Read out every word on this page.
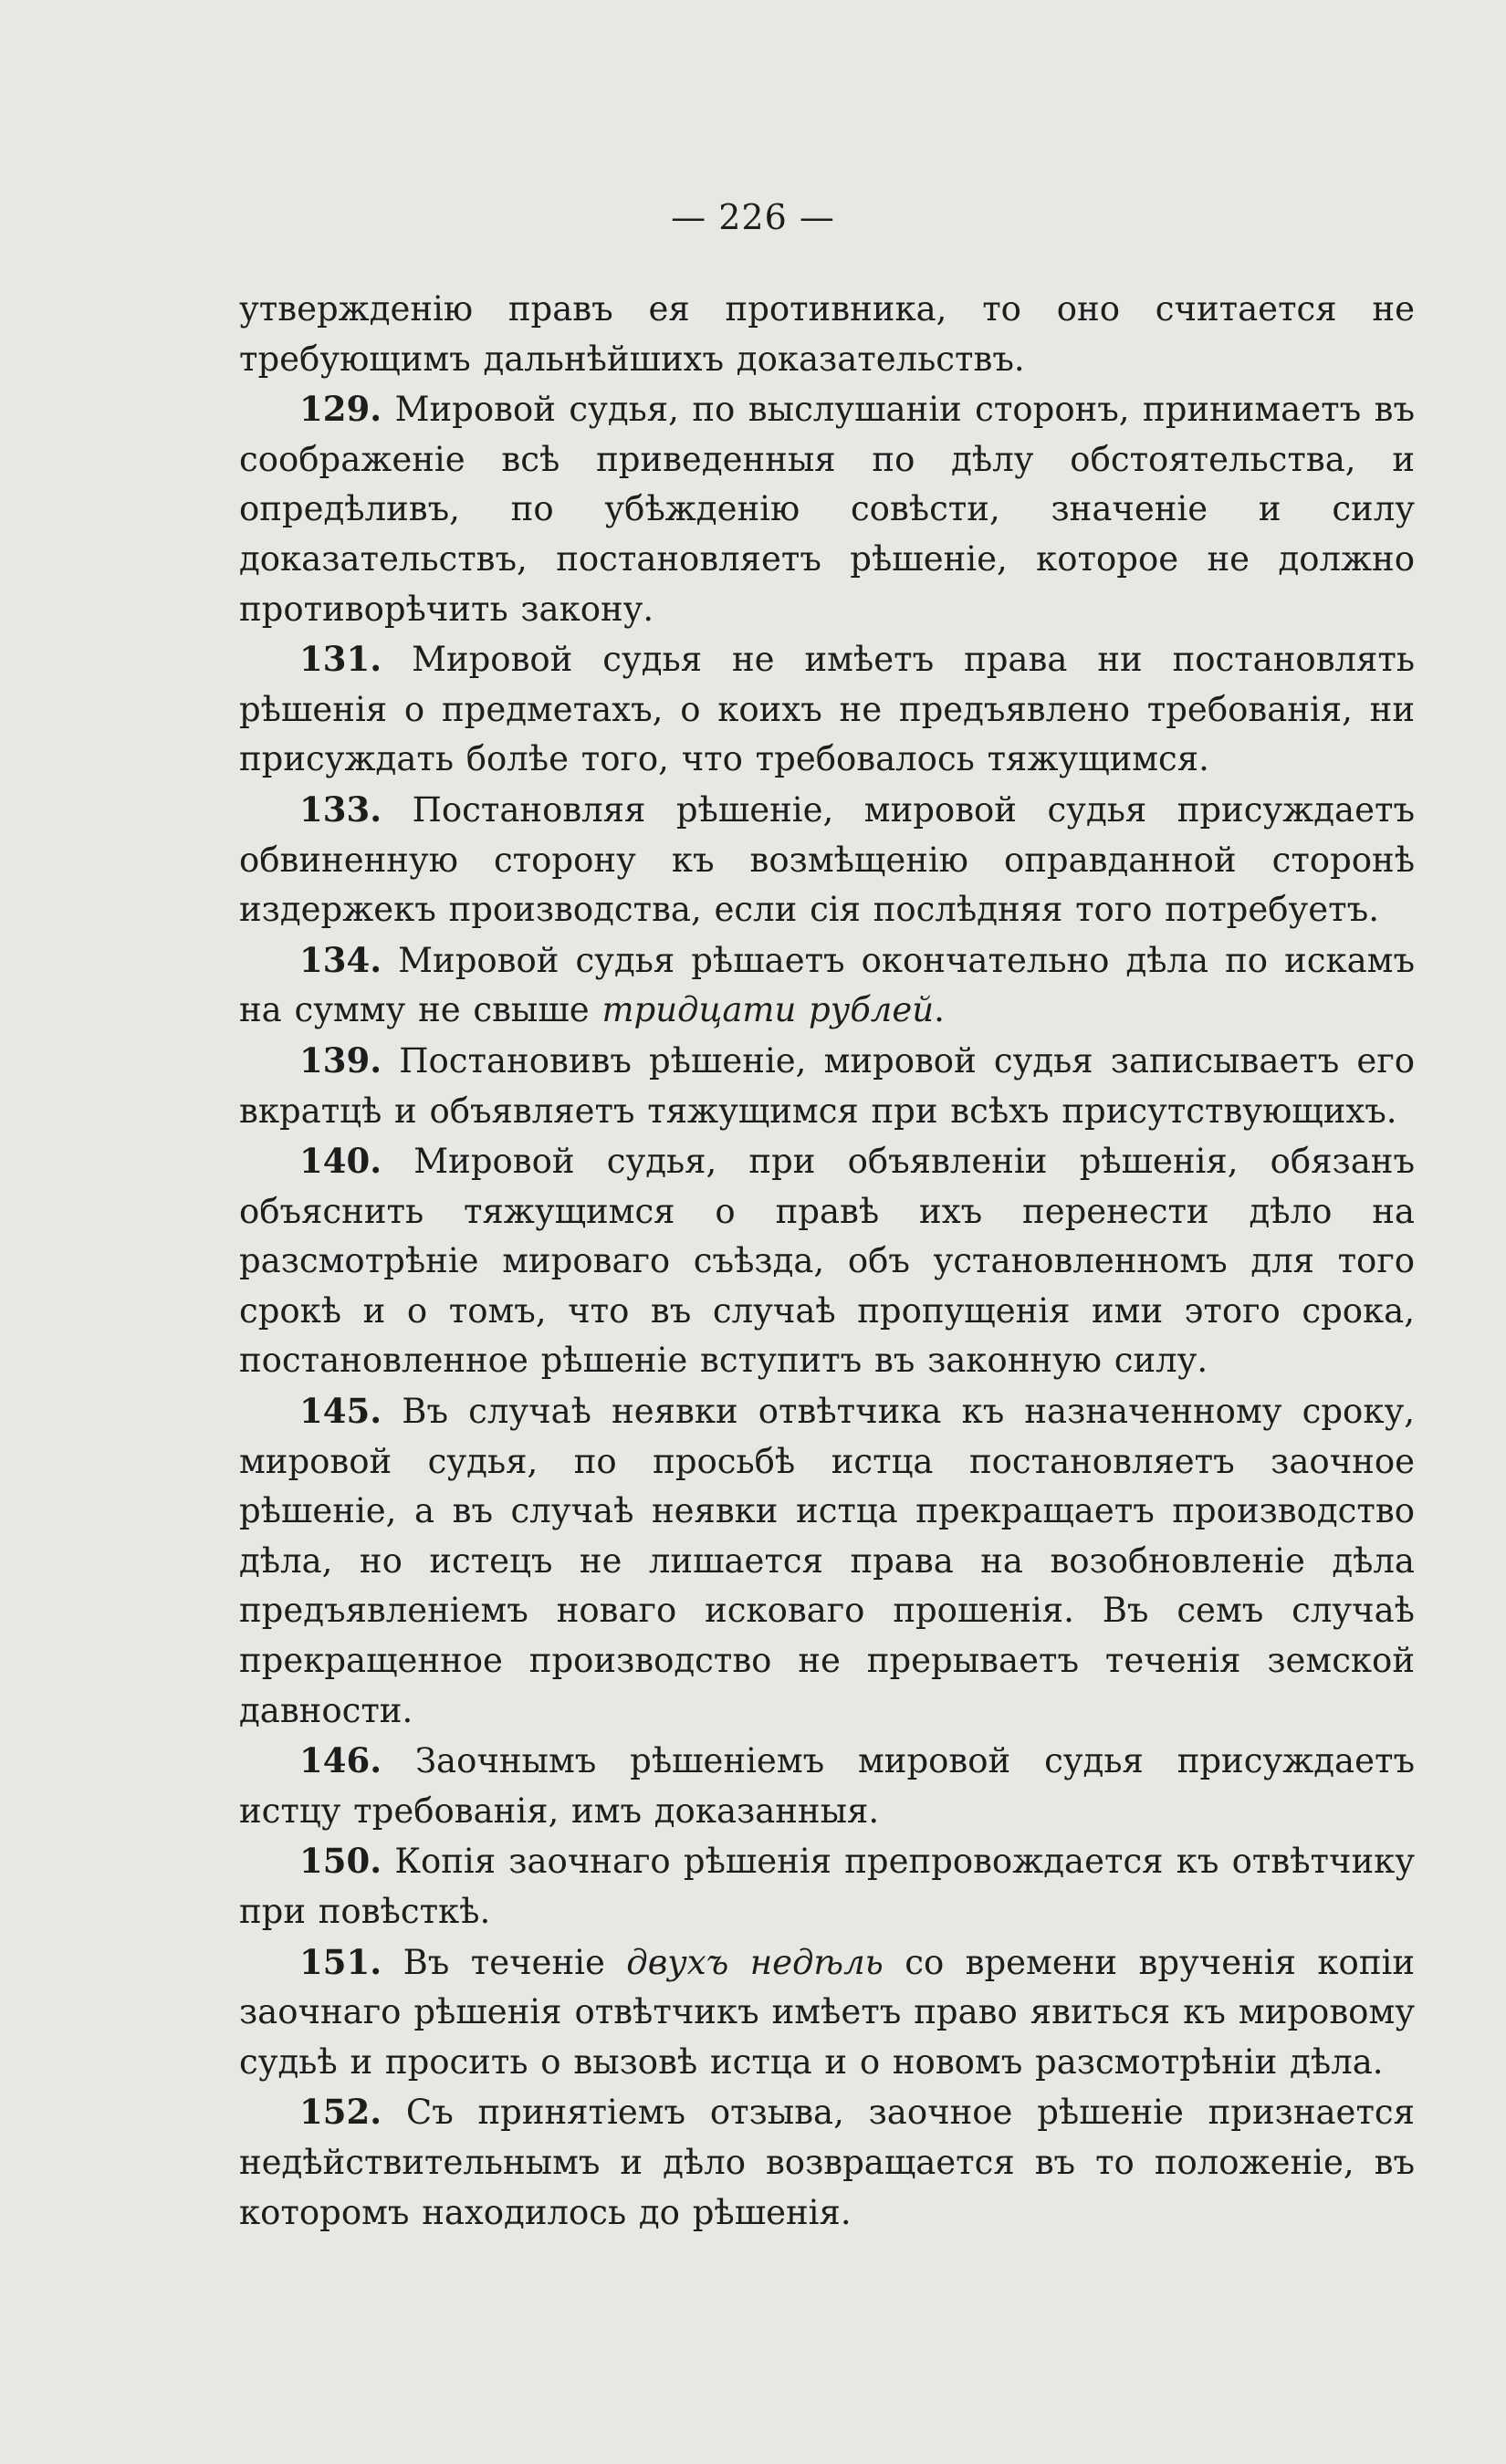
— 226 —

утвержденію правъ ея противника, то оно считается не требующимъ дальнѣйшихъ доказательствъ.

129. Мировой судья, по выслушаніи сторонъ, принимаетъ въ соображеніе всѣ приведенныя по дѣлу обстоятельства, и опредѣливъ, по убѣжденію совѣсти, значеніе и силу доказательствъ, постановляетъ рѣшеніе, которое не должно противорѣчить закону.

131. Мировой судья не имѣетъ права ни постановлять рѣшенія о предметахъ, о коихъ не предъявлено требованія, ни присуждать болѣе того, что требовалось тяжущимся.

133. Постановляя рѣшеніе, мировой судья присуждаетъ обвиненную сторону къ возмѣщенію оправданной сторонѣ издержекъ производства, если сія послѣдняя того потребуетъ.

134. Мировой судья рѣшаетъ окончательно дѣла по искамъ на сумму не свыше тридцати рублей.

139. Постановивъ рѣшеніе, мировой судья записываетъ его вкратцѣ и объявляетъ тяжущимся при всѣхъ присутствующихъ.

140. Мировой судья, при объявленіи рѣшенія, обязанъ объяснить тяжущимся о правѣ ихъ перенести дѣло на разсмотрѣніе мироваго съѣзда, объ установленномъ для того срокѣ и о томъ, что въ случаѣ пропущенія ими этого срока, постановленное рѣшеніе вступитъ въ законную силу.

145. Въ случаѣ неявки отвѣтчика къ назначенному сроку, мировой судья, по просьбѣ истца постановляетъ заочное рѣшеніе, а въ случаѣ неявки истца прекращаетъ производство дѣла, но истецъ не лишается права на возобновленіе дѣла предъявленіемъ новаго исковаго прошенія. Въ семъ случаѣ прекращенное производство не прерываетъ теченія земской давности.

146. Заочнымъ рѣшеніемъ мировой судья присуждаетъ истцу требованія, имъ доказанныя.

150. Копія заочнаго рѣшенія препровождается къ отвѣтчику при повѣсткѣ.

151. Въ теченіе двухъ недѣль со времени врученія копіи заочнаго рѣшенія отвѣтчикъ имѣетъ право явиться къ мировому судьѣ и просить о вызовѣ истца и о новомъ разсмотрѣніи дѣла.

152. Съ принятіемъ отзыва, заочное рѣшеніе признается недѣйствительнымъ и дѣло возвращается въ то положеніе, въ которомъ находилось до рѣшенія.
